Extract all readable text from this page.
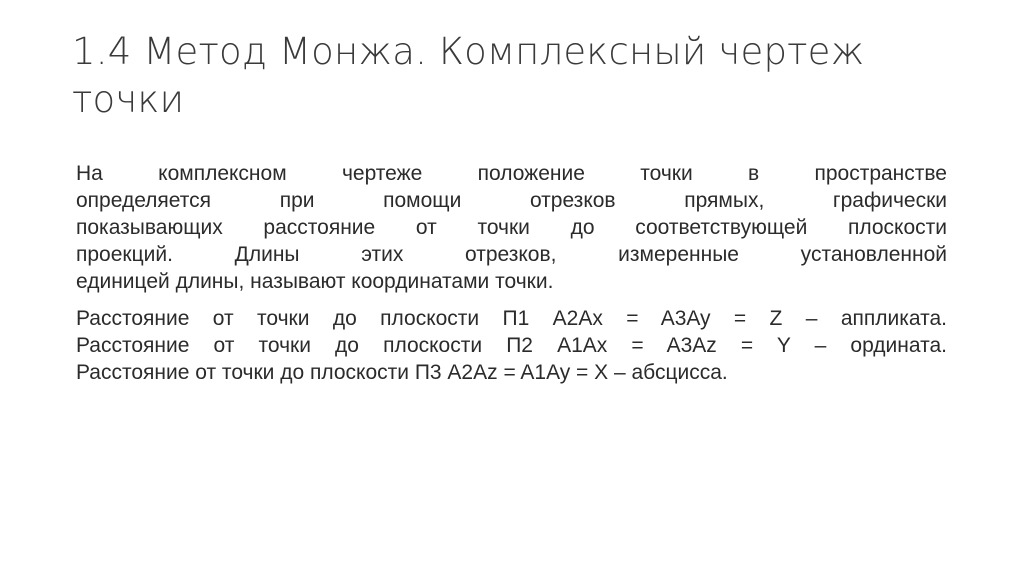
1.4 Метод Монжа. Комплексный чертеж точки
На комплексном чертеже положение точки в пространстве
определяется при помощи отрезков прямых, графически
показывающих расстояние от точки до соответствующей плоскости
проекций. Длины этих отрезков, измеренные установленной
единицей длины, называют координатами точки.
Расстояние от точки до плоскости П1 A2Ax = A3Ay = Z – аппликата.
Расстояние от точки до плоскости П2 A1Ax = A3Az = Y – ордината.
Расстояние от точки до плоскости П3 A2Az = A1Ay = X – абсцисса.
